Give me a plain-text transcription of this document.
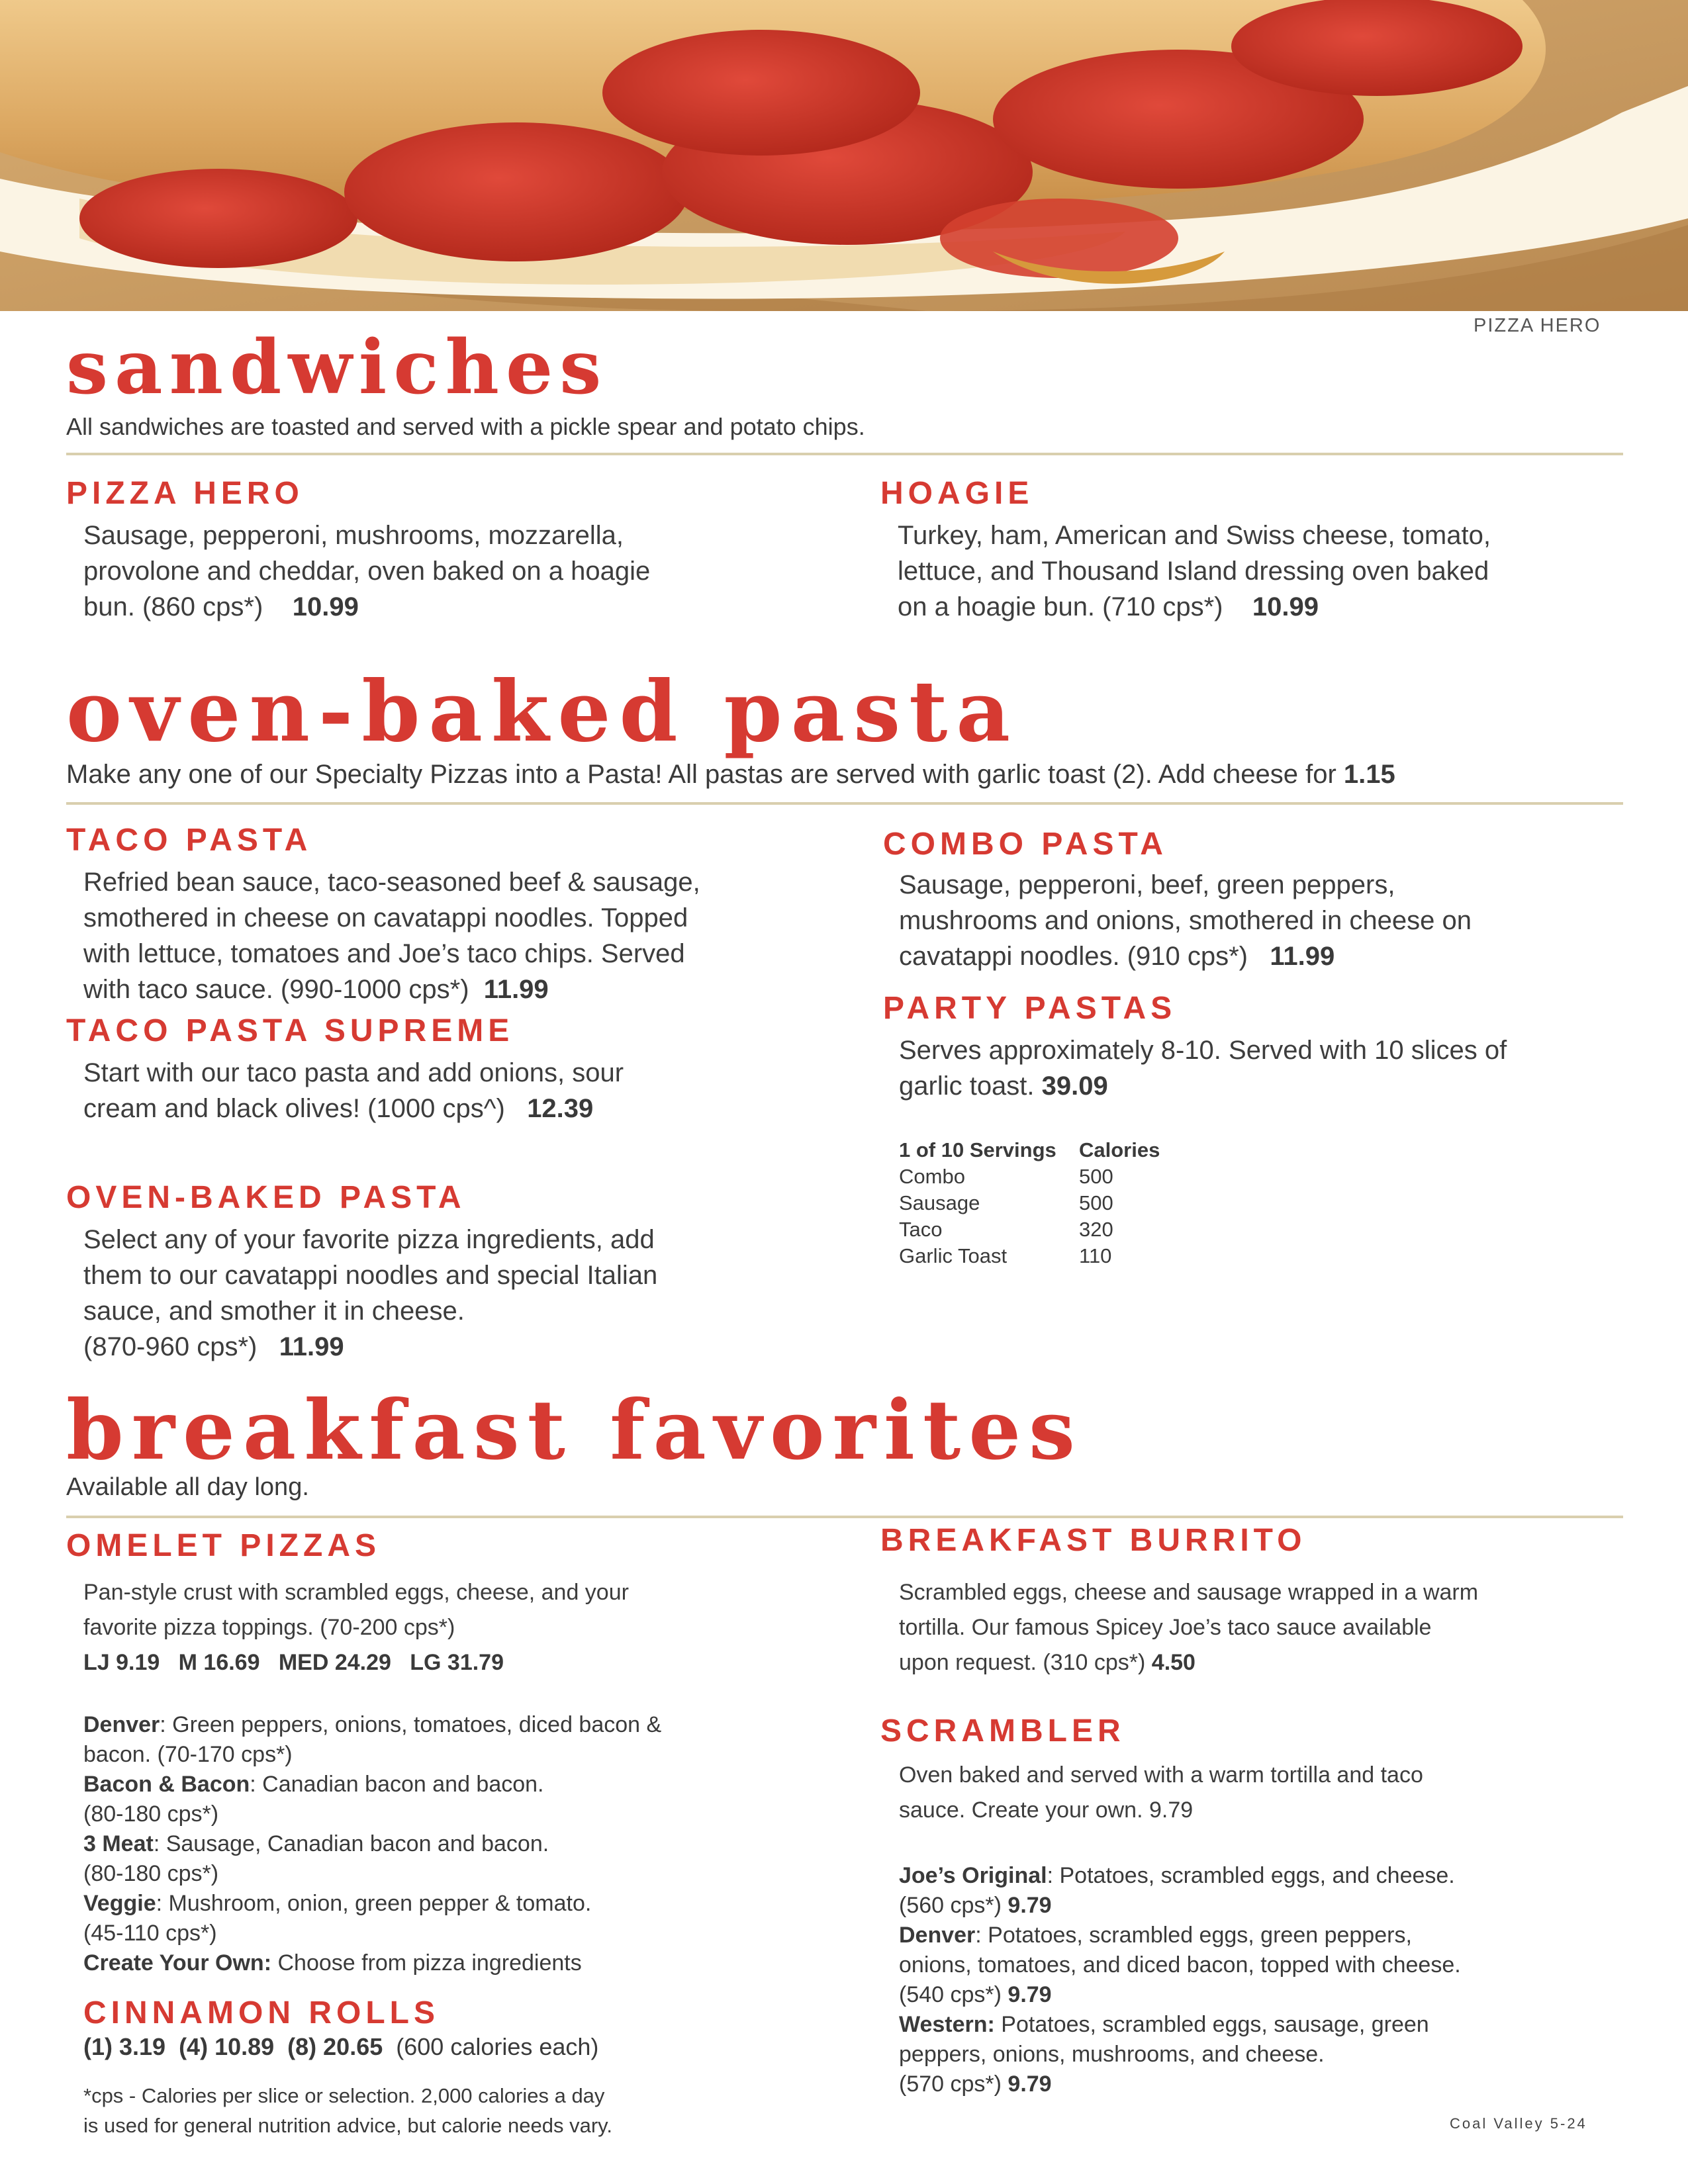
PIZZA HERO
sandwiches

All sandwiches are toasted and served with a pickle spear and potato chips.

PIZZA HERO
Sausage, pepperoni, mushrooms, mozzarella,
provolone and cheddar, oven baked on a hoagie
bun. (860 cps*) 10.99
HOAGIE
Turkey, ham, American and Swiss cheese, tomato,
lettuce, and Thousand Island dressing oven baked
on a hoagie bun. (710 cps*) 10.99
oven-baked pasta

Make any one of our Specialty Pizzas into a Pasta! All pastas are served with garlic toast (2). Add cheese for 1.15

TACO PASTA
Refried bean sauce, taco-seasoned beef & sausage,
smothered in cheese on cavatappi noodles. Topped
with lettuce, tomatoes and Joe’s taco chips. Served
with taco sauce. (990-1000 cps*) 11.99
TACO PASTA SUPREME
Start with our taco pasta and add onions, sour
cream and black olives! (1000 cps^) 12.39
OVEN-BAKED PASTA
Select any of your favorite pizza ingredients, add
them to our cavatappi noodles and special Italian
sauce, and smother it in cheese.
(870-960 cps*) 11.99
COMBO PASTA
Sausage, pepperoni, beef, green peppers,
mushrooms and onions, smothered in cheese on
cavatappi noodles. (910 cps*) 11.99
PARTY PASTAS
Serves approximately 8-10. Served with 10 slices of
garlic toast. 39.09
1 of 10 Servings	Calories
Combo	500
Sausage	500
Taco	320
Garlic Toast	110
breakfast favorites

Available all day long.

OMELET PIZZAS
Pan-style crust with scrambled eggs, cheese, and your
favorite pizza toppings. (70-200 cps*)
LJ 9.19   M 16.69   MED 24.29   LG 31.79
Denver: Green peppers, onions, tomatoes, diced bacon &
bacon. (70-170 cps*)
Bacon & Bacon: Canadian bacon and bacon.
(80-180 cps*)
3 Meat: Sausage, Canadian bacon and bacon.
(80-180 cps*)
Veggie: Mushroom, onion, green pepper & tomato.
(45-110 cps*)
Create Your Own: Choose from pizza ingredients
CINNAMON ROLLS
(1) 3.19  (4) 10.89  (8) 20.65 (600 calories each)
*cps - Calories per slice or selection. 2,000 calories a day
is used for general nutrition advice, but calorie needs vary.
BREAKFAST BURRITO
Scrambled eggs, cheese and sausage wrapped in a warm
tortilla. Our famous Spicey Joe’s taco sauce available
upon request. (310 cps*) 4.50
SCRAMBLER
Oven baked and served with a warm tortilla and taco
sauce. Create your own. 9.79
Joe’s Original: Potatoes, scrambled eggs, and cheese.
(560 cps*) 9.79
Denver: Potatoes, scrambled eggs, green peppers,
onions, tomatoes, and diced bacon, topped with cheese.
(540 cps*) 9.79
Western: Potatoes, scrambled eggs, sausage, green
peppers, onions, mushrooms, and cheese.
(570 cps*) 9.79
Coal Valley 5-24
